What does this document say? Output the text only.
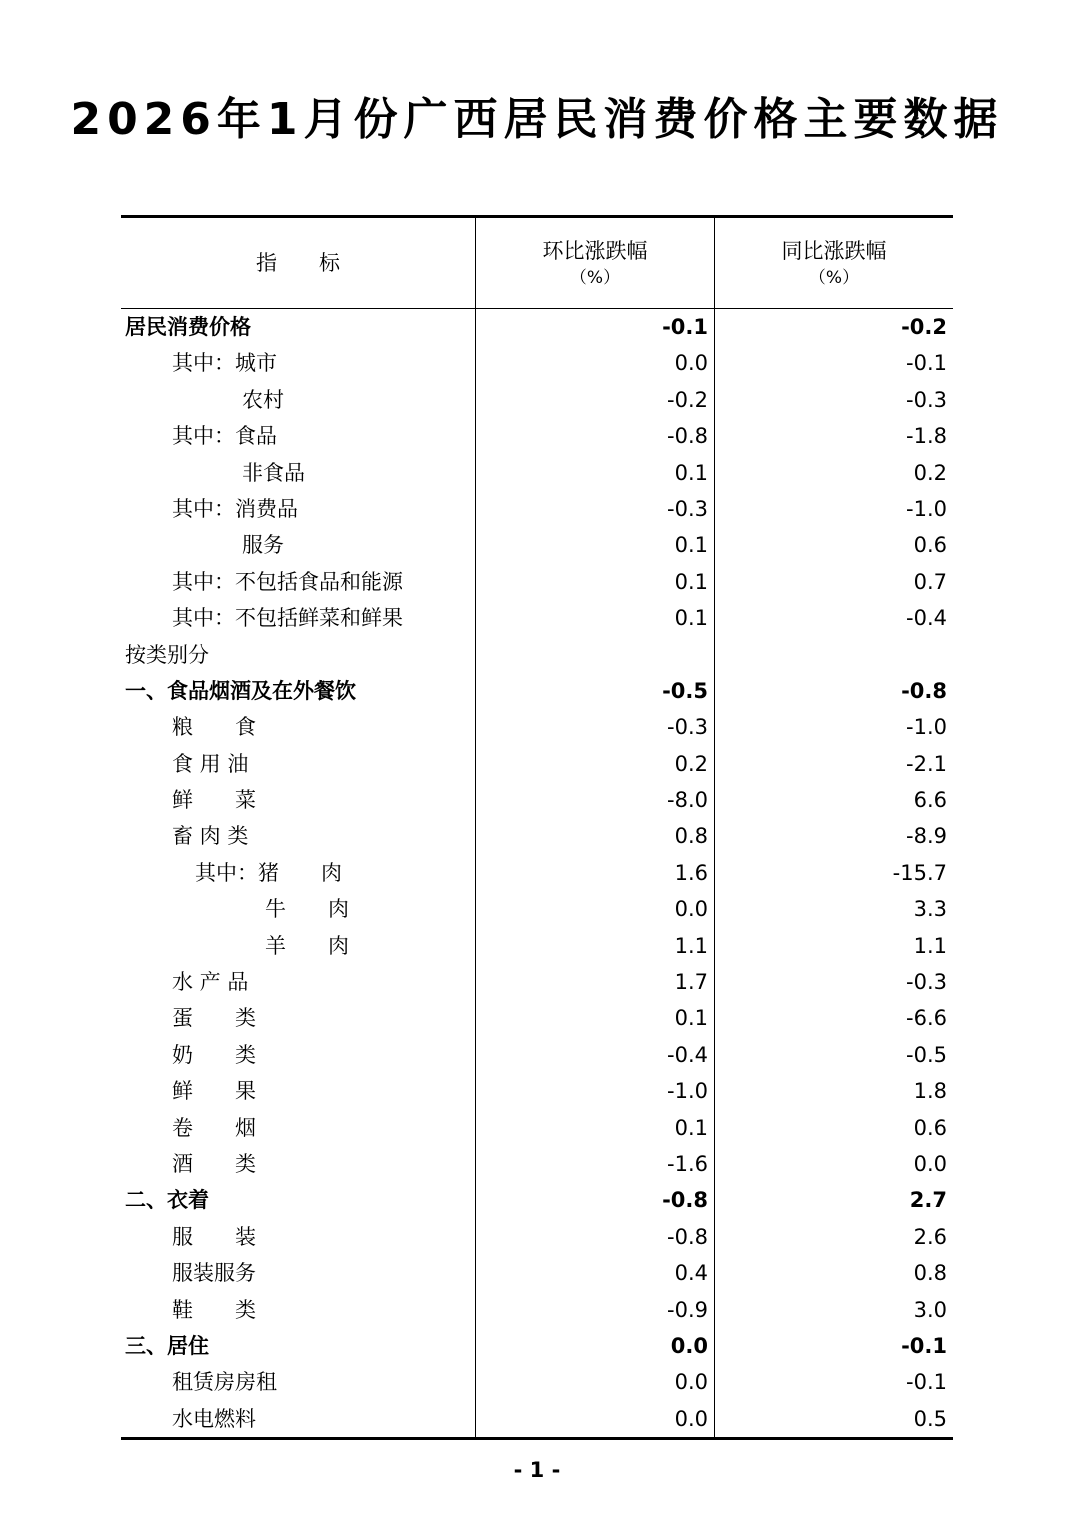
2026年1月份广西居民消费价格主要数据
指　　标	环比涨跌幅
（%）
同比涨跌幅
（%）
居民消费价格
其中：城市
农村
其中：食品
非食品
其中：消费品
服务
其中：不包括食品和能源
其中：不包括鲜菜和鲜果
按类别分
一、食品烟酒及在外餐饮
粮　　食
食 用 油
鲜　　菜
畜 肉 类
其中：猪　　肉
牛　　肉
羊　　肉
水 产 品
蛋　　类
奶　　类
鲜　　果
卷　　烟
酒　　类
二、衣着
服　　装
服装服务
鞋　　类
三、居住
租赁房房租
水电燃料
-0.1
0.0
-0.2
-0.8
0.1
-0.3
0.1
0.1
0.1
-0.5
-0.3
0.2
-8.0
0.8
1.6
0.0
1.1
1.7
0.1
-0.4
-1.0
0.1
-1.6
-0.8
-0.8
0.4
-0.9
0.0
0.0
0.0
-0.2
-0.1
-0.3
-1.8
0.2
-1.0
0.6
0.7
-0.4
-0.8
-1.0
-2.1
6.6
-8.9
-15.7
3.3
1.1
-0.3
-6.6
-0.5
1.8
0.6
0.0
2.7
2.6
0.8
3.0
-0.1
-0.1
0.5
- 1 -
